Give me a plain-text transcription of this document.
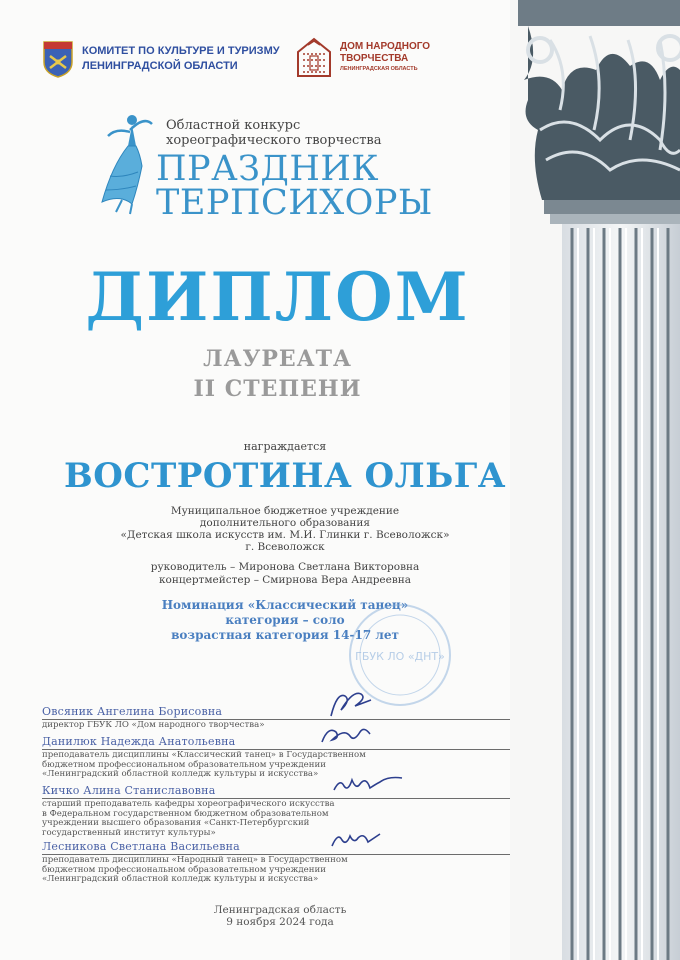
КОМИТЕТ ПО КУЛЬТУРЕ И ТУРИЗМУ
ЛЕНИНГРАДСКОЙ ОБЛАСТИ
ДОМ НАРОДНОГО
ТВОРЧЕСТВА
ЛЕНИНГРАДСКАЯ ОБЛАСТЬ
Областной конкурс
хореографического творчества
ПРАЗДНИК
ТЕРПСИХОРЫ
ДИПЛОМ
ЛАУРЕАТА
II СТЕПЕНИ
награждается
ВОСТРОТИНА ОЛЬГА
Муниципальное бюджетное учреждение
дополнительного образования
«Детская школа искусств им. М.И. Глинки г. Всеволожск»
г. Всеволожск
руководитель – Миронова Светлана Викторовна
концертмейстер – Смирнова Вера Андреевна
Номинация «Классический танец»
категория – соло
возрастная категория 14-17 лет
ГБУК ЛО «ДНТ»
Овсяник Ангелина Борисовна
директор ГБУК ЛО «Дом народного творчества»
Данилюк Надежда Анатольевна
преподаватель дисциплины «Классический танец» в Государственном
бюджетном профессиональном образовательном учреждении
«Ленинградский областной колледж культуры и искусства»
Кичко Алина Станиславовна
старший преподаватель кафедры хореографического искусства
в Федеральном государственном бюджетном образовательном
учреждении высшего образования «Санкт-Петербургский
государственный институт культуры»
Лесникова Светлана Васильевна
преподаватель дисциплины «Народный танец» в Государственном
бюджетном профессиональном образовательном учреждении
«Ленинградский областной колледж культуры и искусства»
Ленинградская область
9 ноября 2024 года
